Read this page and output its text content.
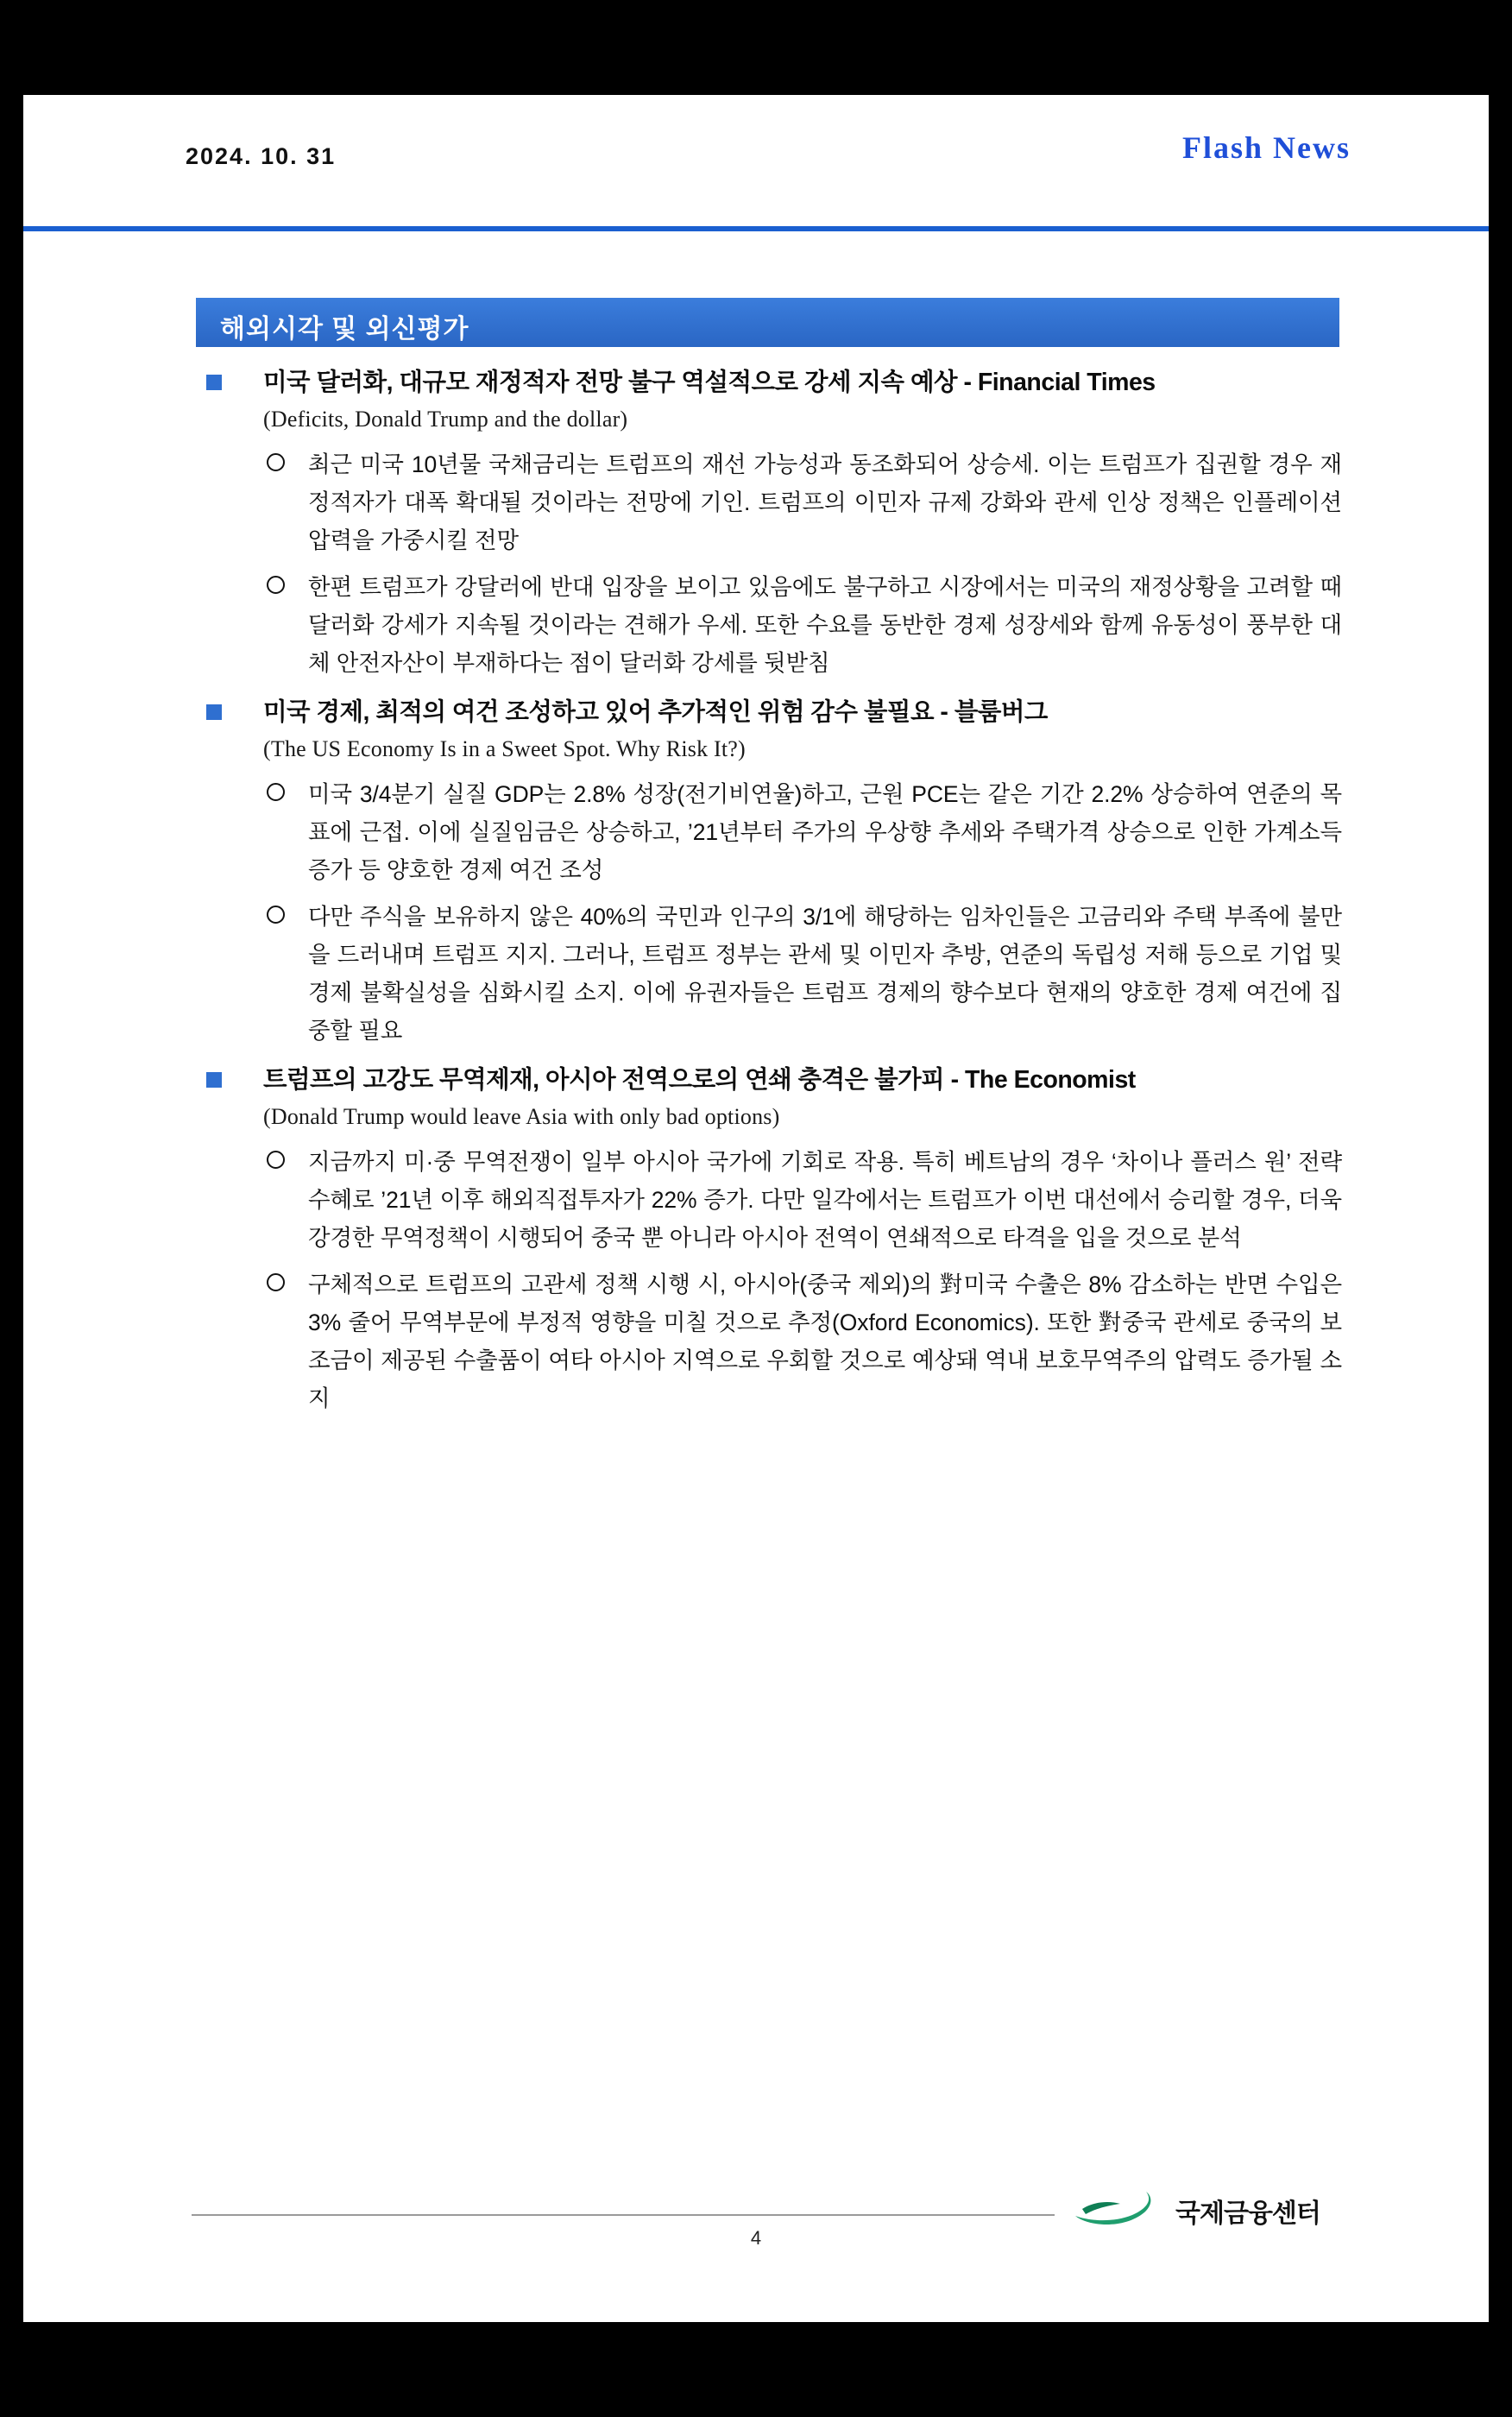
2024. 10. 31	Flash News
해외시각 및 외신평가
미국 달러화, 대규모 재정적자 전망 불구 역설적으로 강세 지속 예상 - Financial Times
(Deficits, Donald Trump and the dollar)
최근 미국 10년물 국채금리는 트럼프의 재선 가능성과 동조화되어 상승세. 이는 트럼프가 집권할 경우 재정적자가 대폭 확대될 것이라는 전망에 기인. 트럼프의 이민자 규제 강화와 관세 인상 정책은 인플레이션 압력을 가중시킬 전망
한편 트럼프가 강달러에 반대 입장을 보이고 있음에도 불구하고 시장에서는 미국의 재정상황을 고려할 때 달러화 강세가 지속될 것이라는 견해가 우세. 또한 수요를 동반한 경제 성장세와 함께 유동성이 풍부한 대체 안전자산이 부재하다는 점이 달러화 강세를 뒷받침
미국 경제, 최적의 여건 조성하고 있어 추가적인 위험 감수 불필요 - 블룸버그
(The US Economy Is in a Sweet Spot. Why Risk It?)
미국 3/4분기 실질 GDP는 2.8% 성장(전기비연율)하고, 근원 PCE는 같은 기간 2.2% 상승하여 연준의 목표에 근접. 이에 실질임금은 상승하고, ’21년부터 주가의 우상향 추세와 주택가격 상승으로 인한 가계소득 증가 등 양호한 경제 여건 조성
다만 주식을 보유하지 않은 40%의 국민과 인구의 3/1에 해당하는 임차인들은 고금리와 주택 부족에 불만을 드러내며 트럼프 지지. 그러나, 트럼프 정부는 관세 및 이민자 추방, 연준의 독립성 저해 등으로 기업 및 경제 불확실성을 심화시킬 소지. 이에 유권자들은 트럼프 경제의 향수보다 현재의 양호한 경제 여건에 집중할 필요
트럼프의 고강도 무역제재, 아시아 전역으로의 연쇄 충격은 불가피 - The Economist
(Donald Trump would leave Asia with only bad options)
지금까지 미·중 무역전쟁이 일부 아시아 국가에 기회로 작용. 특히 베트남의 경우 ‘차이나 플러스 원’ 전략 수혜로 ’21년 이후 해외직접투자가 22% 증가. 다만 일각에서는 트럼프가 이번 대선에서 승리할 경우, 더욱 강경한 무역정책이 시행되어 중국 뿐 아니라 아시아 전역이 연쇄적으로 타격을 입을 것으로 분석
구체적으로 트럼프의 고관세 정책 시행 시, 아시아(중국 제외)의 對미국 수출은 8% 감소하는 반면 수입은 3% 줄어 무역부문에 부정적 영향을 미칠 것으로 추정(Oxford Economics). 또한 對중국 관세로 중국의 보조금이 제공된 수출품이 여타 아시아 지역으로 우회할 것으로 예상돼 역내 보호무역주의 압력도 증가될 소지
4
국제금융센터
